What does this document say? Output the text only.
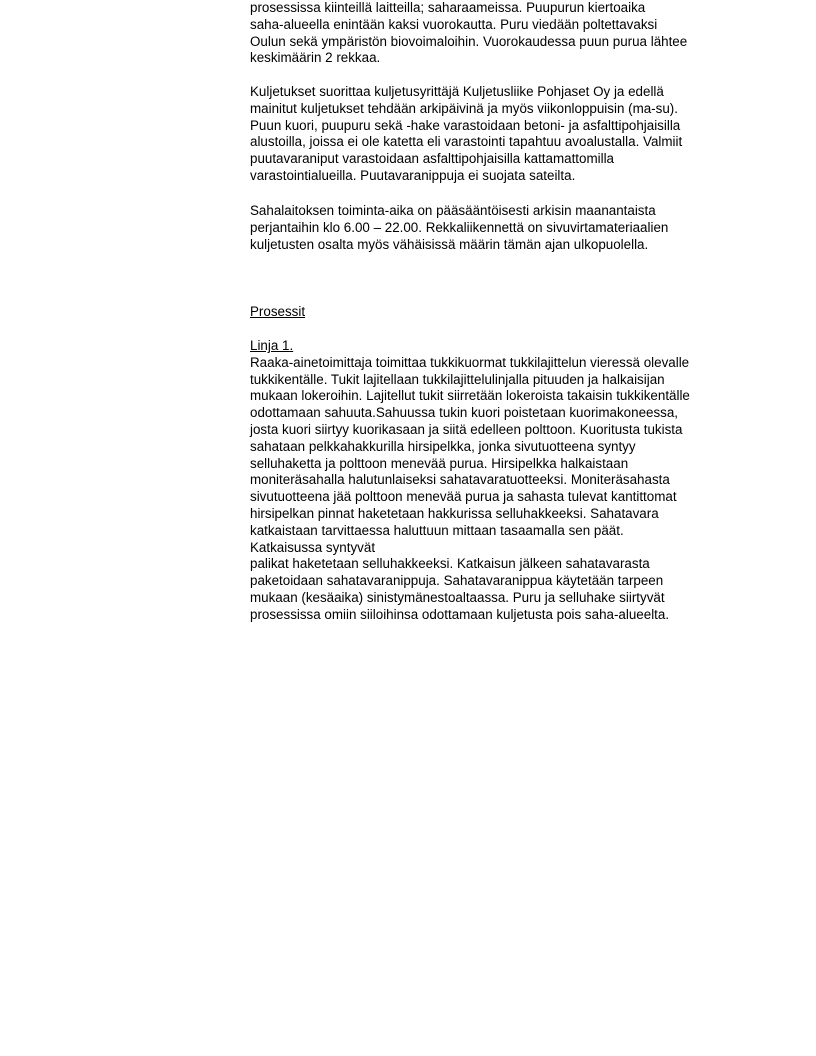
prosessissa kiinteillä laitteilla; saharaameissa. Puupurun kiertoaika
saha-alueella enintään kaksi vuorokautta. Puru viedään poltettavaksi
Oulun sekä ympäristön biovoimaloihin. Vuorokaudessa puun purua lähtee
keskimäärin 2 rekkaa.
Kuljetukset suorittaa kuljetusyrittäjä Kuljetusliike Pohjaset Oy ja edellä
mainitut kuljetukset tehdään arkipäivinä ja myös viikonloppuisin (ma-su).
Puun kuori, puupuru sekä -hake varastoidaan betoni- ja asfalttipohjaisilla
alustoilla, joissa ei ole katetta eli varastointi tapahtuu avoalustalla. Valmiit
puutavaraniput varastoidaan asfalttipohjaisilla kattamattomilla
varastointialueilla. Puutavaranippuja ei suojata sateilta.
Sahalaitoksen toiminta-aika on pääsääntöisesti arkisin maanantaista
perjantaihin klo 6.00 – 22.00. Rekkaliikennettä on sivuvirtamateriaalien
kuljetusten osalta myös vähäisissä määrin tämän ajan ulkopuolella.
Prosessit
Linja 1.
Raaka-ainetoimittaja toimittaa tukkikuormat tukkilajittelun vieressä olevalle
tukkikentälle. Tukit lajitellaan tukkilajittelulinjalla pituuden ja halkaisijan
mukaan lokeroihin. Lajitellut tukit siirretään lokeroista takaisin tukkikentälle
odottamaan sahuuta.Sahuussa tukin kuori poistetaan kuorimakoneessa,
josta kuori siirtyy kuorikasaan ja siitä edelleen polttoon. Kuoritusta tukista
sahataan pelkkahakkurilla hirsipelkka, jonka sivutuotteena syntyy
selluhaketta ja polttoon menevää purua. Hirsipelkka halkaistaan
moniteräsahalla halutunlaiseksi sahatavaratuotteeksi. Moniteräsahasta
sivutuotteena jää polttoon menevää purua ja sahasta tulevat kantittomat
hirsipelkan pinnat haketetaan hakkurissa selluhakkeeksi. Sahatavara
katkaistaan tarvittaessa haluttuun mittaan tasaamalla sen päät.
Katkaisussa syntyvät
palikat haketetaan selluhakkeeksi. Katkaisun jälkeen sahatavarasta
paketoidaan sahatavaranippuja. Sahatavaranippua käytetään tarpeen
mukaan (kesäaika) sinistymänestoaltaassa. Puru ja selluhake siirtyvät
prosessissa omiin siiloihinsa odottamaan kuljetusta pois saha-alueelta.
